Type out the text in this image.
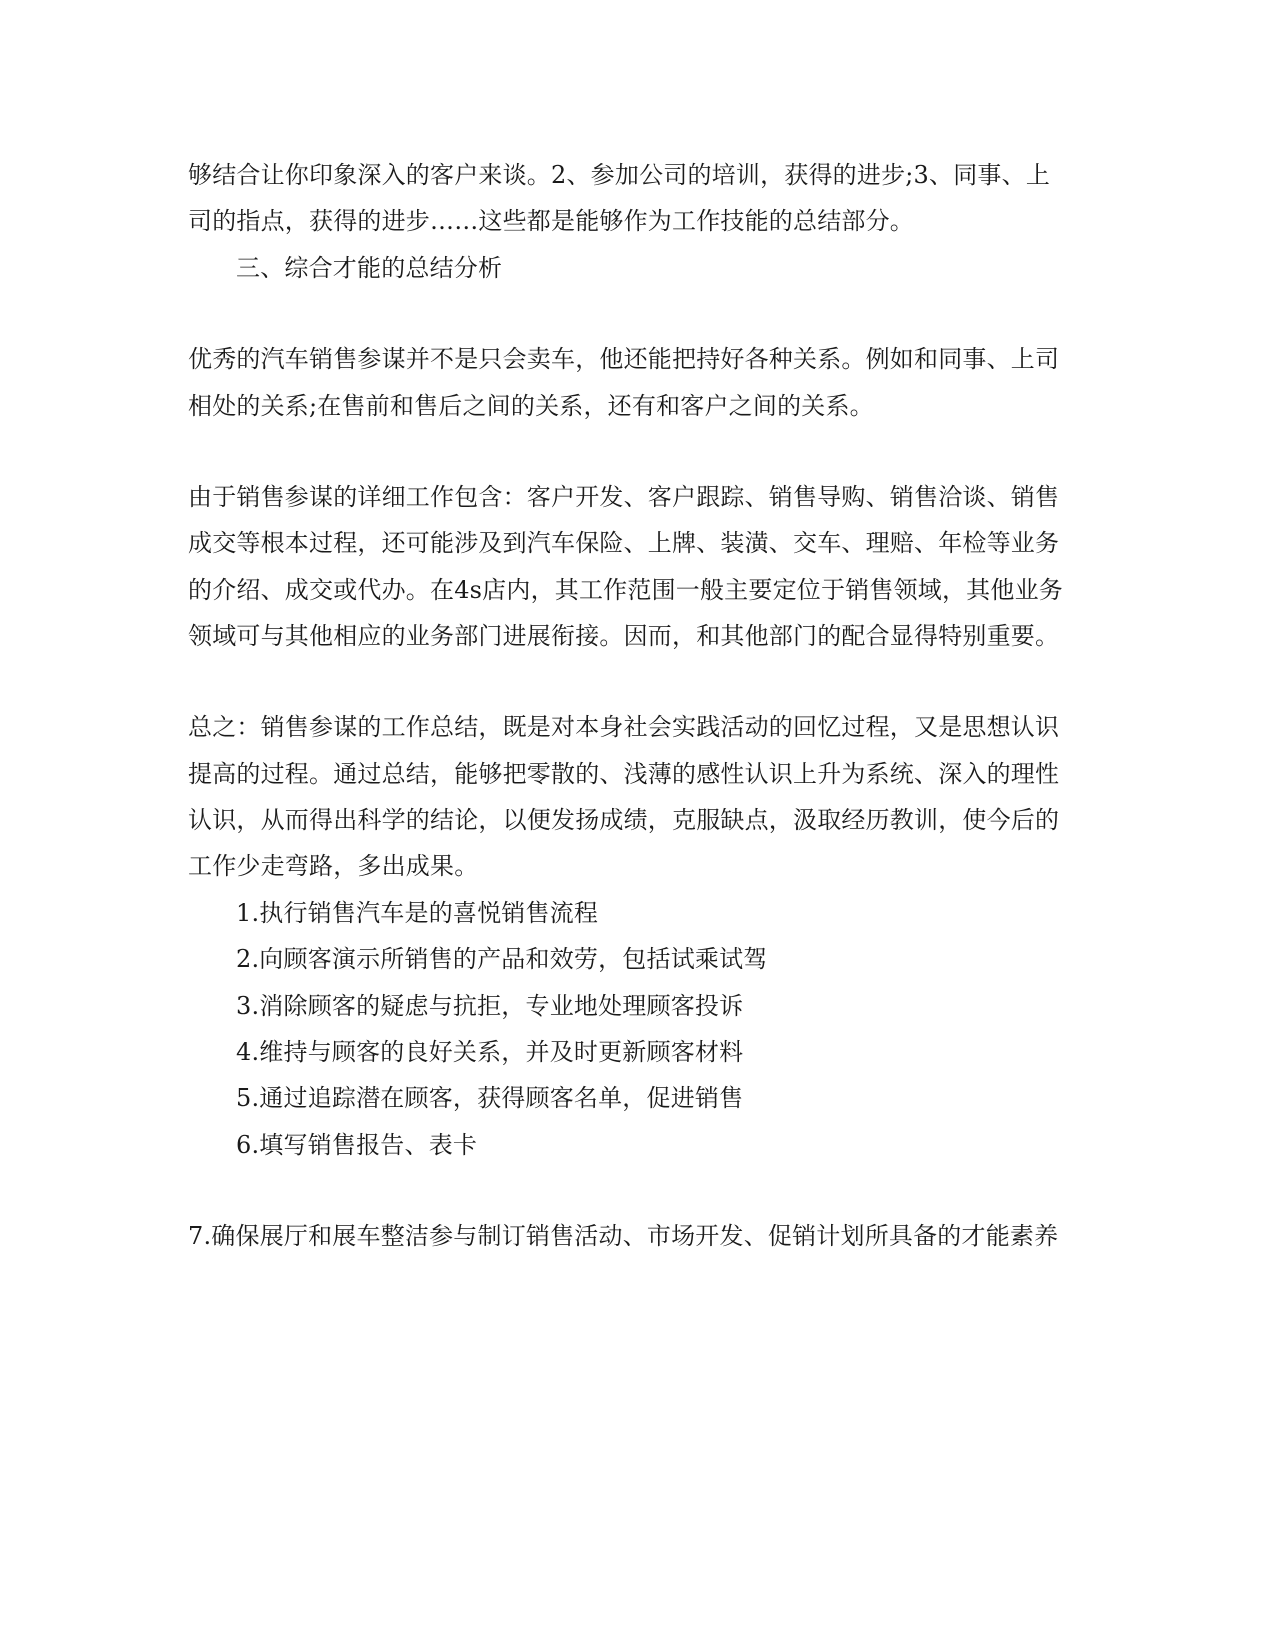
够结合让你印象深入的客户来谈。2、参加公司的培训，获得的进步;3、同事、上
司的指点，获得的进步……这些都是能够作为工作技能的总结部分。
三、综合才能的总结分析
优秀的汽车销售参谋并不是只会卖车，他还能把持好各种关系。例如和同事、上司
相处的关系;在售前和售后之间的关系，还有和客户之间的关系。
由于销售参谋的详细工作包含：客户开发、客户跟踪、销售导购、销售洽谈、销售
成交等根本过程，还可能涉及到汽车保险、上牌、装潢、交车、理赔、年检等业务
的介绍、成交或代办。在4s店内，其工作范围一般主要定位于销售领域，其他业务
领域可与其他相应的业务部门进展衔接。因而，和其他部门的配合显得特别重要。
总之：销售参谋的工作总结，既是对本身社会实践活动的回忆过程，又是思想认识
提高的过程。通过总结，能够把零散的、浅薄的感性认识上升为系统、深入的理性
认识，从而得出科学的结论，以便发扬成绩，克服缺点，汲取经历教训，使今后的
工作少走弯路，多出成果。
1.执行销售汽车是的喜悦销售流程
2.向顾客演示所销售的产品和效劳，包括试乘试驾
3.消除顾客的疑虑与抗拒，专业地处理顾客投诉
4.维持与顾客的良好关系，并及时更新顾客材料
5.通过追踪潜在顾客，获得顾客名单，促进销售
6.填写销售报告、表卡
7.确保展厅和展车整洁参与制订销售活动、市场开发、促销计划所具备的才能素养
